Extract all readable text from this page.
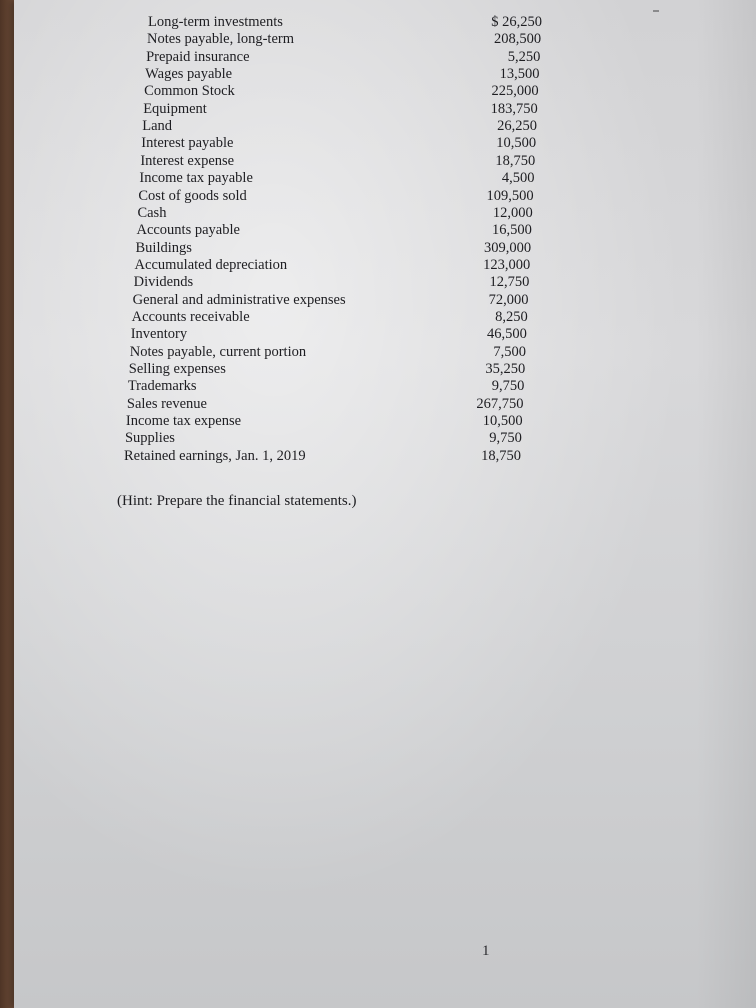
Long-term investments	$ 26,250
Notes payable, long-term	208,500
Prepaid insurance	5,250
Wages payable	13,500
Common Stock	225,000
Equipment	183,750
Land	26,250
Interest payable	10,500
Interest expense	18,750
Income tax payable	4,500
Cost of goods sold	109,500
Cash	12,000
Accounts payable	16,500
Buildings	309,000
Accumulated depreciation	123,000
Dividends	12,750
General and administrative expenses	72,000
Accounts receivable	8,250
Inventory	46,500
Notes payable, current portion	7,500
Selling expenses	35,250
Trademarks	9,750
Sales revenue	267,750
Income tax expense	10,500
Supplies	9,750
Retained earnings, Jan. 1, 2019	18,750
(Hint: Prepare the financial statements.)
1
